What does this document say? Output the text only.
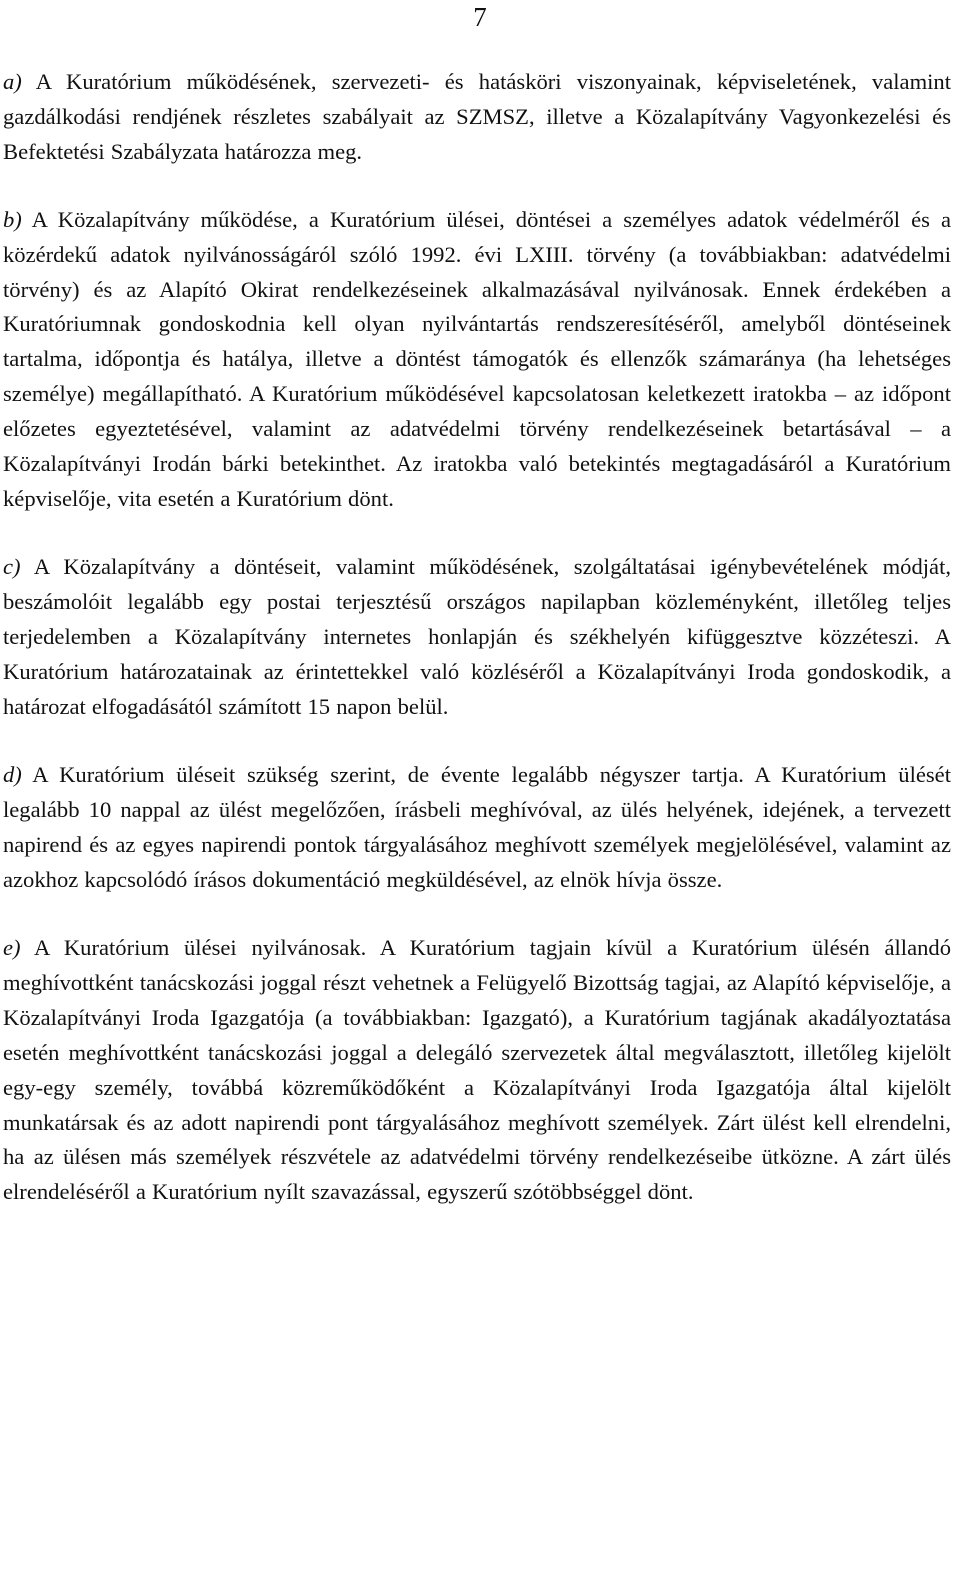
7

a) A Kuratórium működésének, szervezeti- és hatásköri viszonyainak, képviseletének, valamint gazdálkodási rendjének részletes szabályait az SZMSZ, illetve a Közalapítvány Vagyonkezelési és Befektetési Szabályzata határozza meg.

b) A Közalapítvány működése, a Kuratórium ülései, döntései a személyes adatok védelméről és a közérdekű adatok nyilvánosságáról szóló 1992. évi LXIII. törvény (a továbbiakban: adatvédelmi törvény) és az Alapító Okirat rendelkezéseinek alkalmazásával nyilvánosak. Ennek érdekében a Kuratóriumnak gondoskodnia kell olyan nyilvántartás rendszeresítéséről, amelyből döntéseinek tartalma, időpontja és hatálya, illetve a döntést támogatók és ellenzők számaránya (ha lehetséges személye) megállapítható. A Kuratórium működésével kapcsolatosan keletkezett iratokba – az időpont előzetes egyeztetésével, valamint az adatvédelmi törvény rendelkezéseinek betartásával – a Közalapítványi Irodán bárki betekinthet. Az iratokba való betekintés megtagadásáról a Kuratórium képviselője, vita esetén a Kuratórium dönt.

c) A Közalapítvány a döntéseit, valamint működésének, szolgáltatásai igénybevételének módját, beszámolóit legalább egy postai terjesztésű országos napilapban közleményként, illetőleg teljes terjedelemben a Közalapítvány internetes honlapján és székhelyén kifüggesztve közzéteszi. A Kuratórium határozatainak az érintettekkel való közléséről a Közalapítványi Iroda gondoskodik, a határozat elfogadásától számított 15 napon belül.

d) A Kuratórium üléseit szükség szerint, de évente legalább négyszer tartja. A Kuratórium ülését legalább 10 nappal az ülést megelőzően, írásbeli meghívóval, az ülés helyének, idejének, a tervezett napirend és az egyes napirendi pontok tárgyalásához meghívott személyek megjelölésével, valamint az azokhoz kapcsolódó írásos dokumentáció megküldésével, az elnök hívja össze.

e) A Kuratórium ülései nyilvánosak. A Kuratórium tagjain kívül a Kuratórium ülésén állandó meghívottként tanácskozási joggal részt vehetnek a Felügyelő Bizottság tagjai, az Alapító képviselője, a Közalapítványi Iroda Igazgatója (a továbbiakban: Igazgató), a Kuratórium tagjának akadályoztatása esetén meghívottként tanácskozási joggal a delegáló szervezetek által megválasztott, illetőleg kijelölt egy-egy személy, továbbá közreműködőként a Közalapítványi Iroda Igazgatója által kijelölt munkatársak és az adott napirendi pont tárgyalásához meghívott személyek. Zárt ülést kell elrendelni, ha az ülésen más személyek részvétele az adatvédelmi törvény rendelkezéseibe ütközne. A zárt ülés elrendeléséről a Kuratórium nyílt szavazással, egyszerű szótöbbséggel dönt.
